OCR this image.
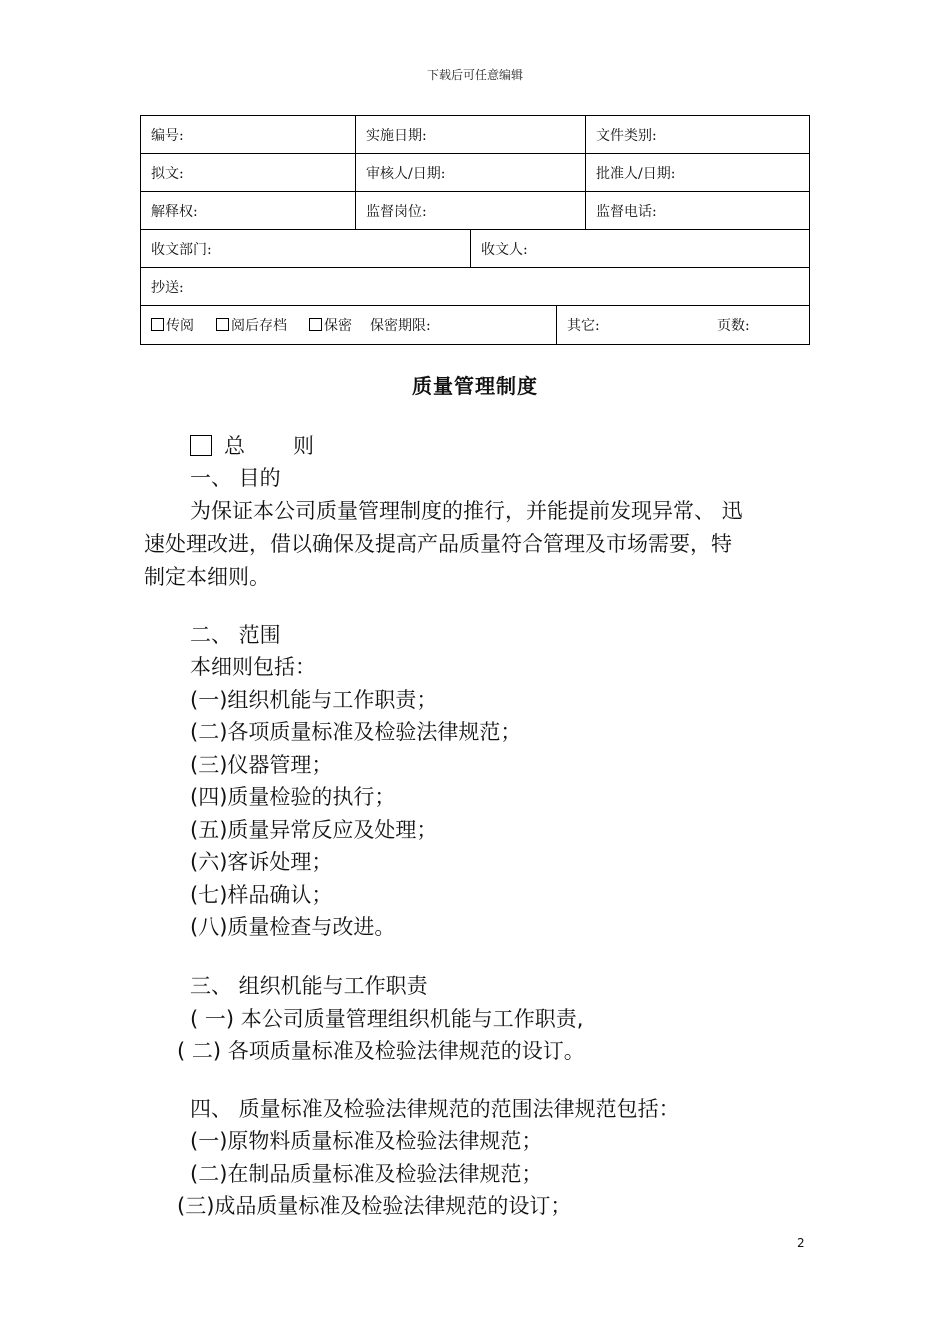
下载后可任意编辑
编号:	实施日期:	文件类别:
拟文:	审核人/日期:	批准人/日期:
解释权:	监督岗位:	监督电话:
收文部门:	收文人:
抄送:
传阅	阅后存档	保密 保密期限:	其它:	页数:
质量管理制度
总 则
一、 目的
为保证本公司质量管理制度的推行，并能提前发现异常、 迅
速处理改进，借以确保及提高产品质量符合管理及市场需要，特
制定本细则。
二、 范围
本细则包括：
(一)组织机能与工作职责；
(二)各项质量标准及检验法律规范；
(三)仪器管理；
(四)质量检验的执行；
(五)质量异常反应及处理；
(六)客诉处理；
(七)样品确认；
(八)质量检查与改进。
三、 组织机能与工作职责
( 一) 本公司质量管理组织机能与工作职责,
( 二) 各项质量标准及检验法律规范的设订。
四、 质量标准及检验法律规范的范围法律规范包括：
(一)原物料质量标准及检验法律规范；
(二)在制品质量标准及检验法律规范；
(三)成品质量标准及检验法律规范的设订；
2
